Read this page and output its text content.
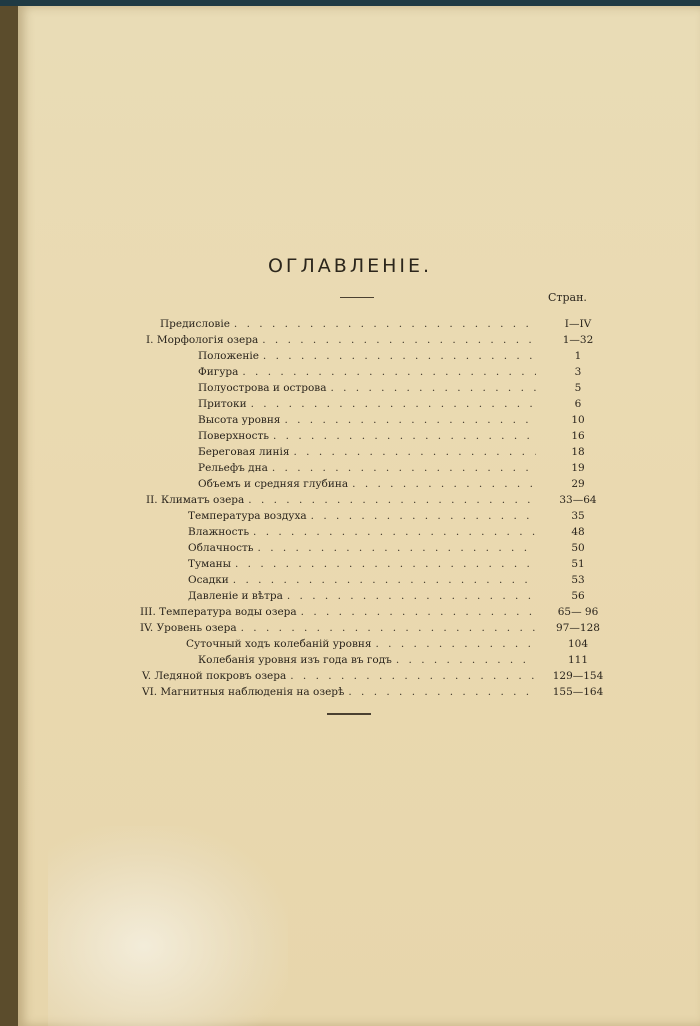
ОГЛАВЛЕНІЕ.
Стран.
Предисловіе . . .	I—IV
I. Морфологія озера . . .	1—32
Положеніе . . .	1
Фигура . . .	3
Полуострова и острова . . .	5
Притоки . . .	6
Высота уровня . . .	10
Поверхность . . .	16
Береговая линія . . .	18
Рельефъ дна . . .	19
Объемъ и средняя глубина . . .	29
II. Климатъ озера . . .	33—64
Температура воздуха . . .	35
Влажность . . .	48
Облачность . . .	50
Туманы . . .	51
Осадки . . .	53
Давленіе и вѣтра . . .	56
III. Температура воды озера . . .	65— 96
IV. Уровень озера . . .	97—128
Суточный ходъ колебаній уровня . . .	104
Колебанія уровня изъ года въ годъ . . .	111
V. Ледяной покровъ озера . . .	129—154
VI. Магнитныя наблюденія на озерѣ . . .	155—164
